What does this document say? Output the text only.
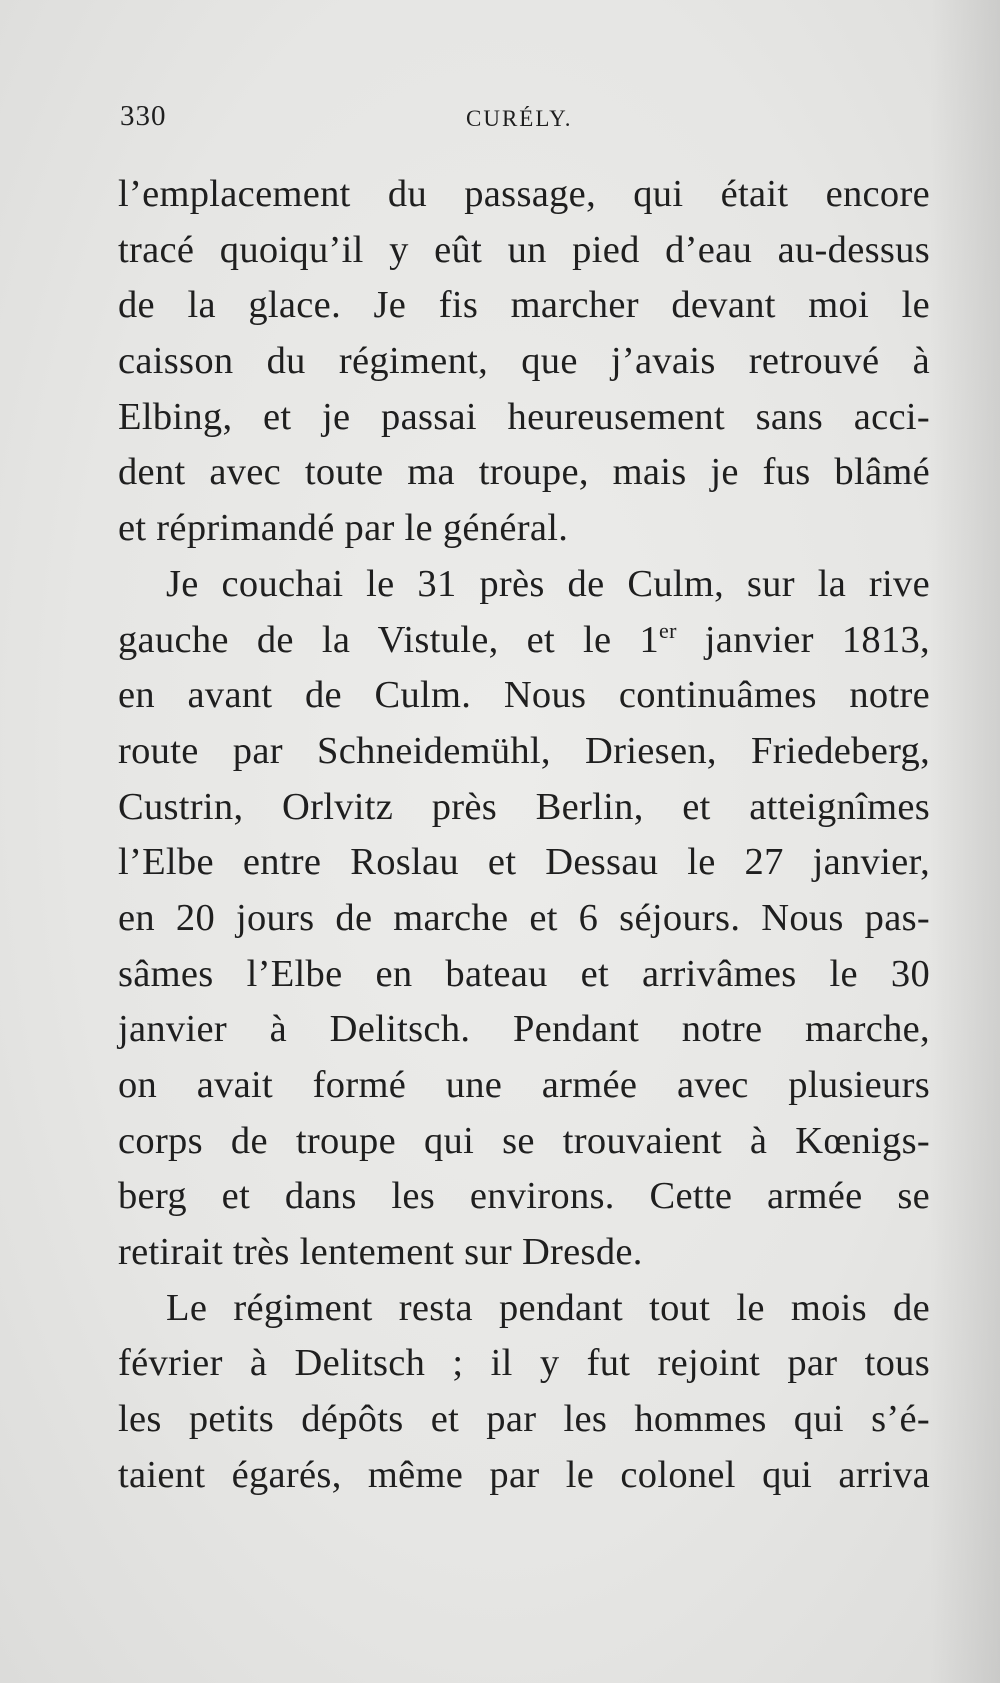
330	CURÉLY.
l’emplacement du passage, qui était encore
tracé quoiqu’il y eût un pied d’eau au-dessus
de la glace. Je fis marcher devant moi le
caisson du régiment, que j’avais retrouvé à
Elbing, et je passai heureusement sans acci-
dent avec toute ma troupe, mais je fus blâmé
et réprimandé par le général.
Je couchai le 31 près de Culm, sur la rive
gauche de la Vistule, et le 1er janvier 1813,
en avant de Culm. Nous continuâmes notre
route par Schneidemühl, Driesen, Friedeberg,
Custrin, Orlvitz près Berlin, et atteignîmes
l’Elbe entre Roslau et Dessau le 27 janvier,
en 20 jours de marche et 6 séjours. Nous pas-
sâmes l’Elbe en bateau et arrivâmes le 30
janvier à Delitsch. Pendant notre marche,
on avait formé une armée avec plusieurs
corps de troupe qui se trouvaient à Kœnigs-
berg et dans les environs. Cette armée se
retirait très lentement sur Dresde.
Le régiment resta pendant tout le mois de
février à Delitsch ; il y fut rejoint par tous
les petits dépôts et par les hommes qui s’é-
taient égarés, même par le colonel qui arriva
